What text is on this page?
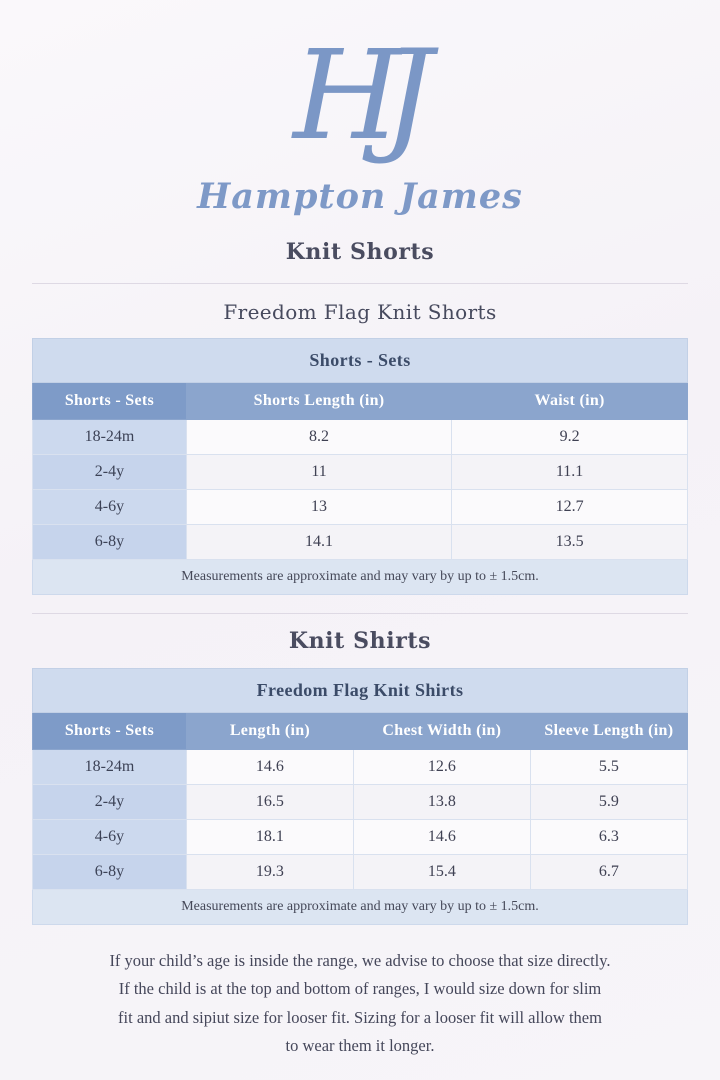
HJ
Hampton James
Knit Shorts
Freedom Flag Knit Shorts
Shorts - Sets		
Shorts - Sets	Shorts Length (in)	Waist (in)
18-24m	8.2	9.2
2-4y	11	11.1
4-6y	13	12.7
6-8y	14.1	13.5
Measurements are approximate and may vary by up to ± 1.5cm.		
Knit Shirts
Freedom Flag Knit Shirts			
Shorts - Sets	Length (in)	Chest Width (in)	Sleeve Length (in)
18-24m	14.6	12.6	5.5
2-4y	16.5	13.8	5.9
4-6y	18.1	14.6	6.3
6-8y	19.3	15.4	6.7
Measurements are approximate and may vary by up to ± 1.5cm.			
If your child’s age is inside the range, we advise to choose that size directly.
If the child is at the top and bottom of ranges, I would size down for slim
fit and and sipiut size for looser fit. Sizing for a looser fit will allow them
to wear them it longer.
